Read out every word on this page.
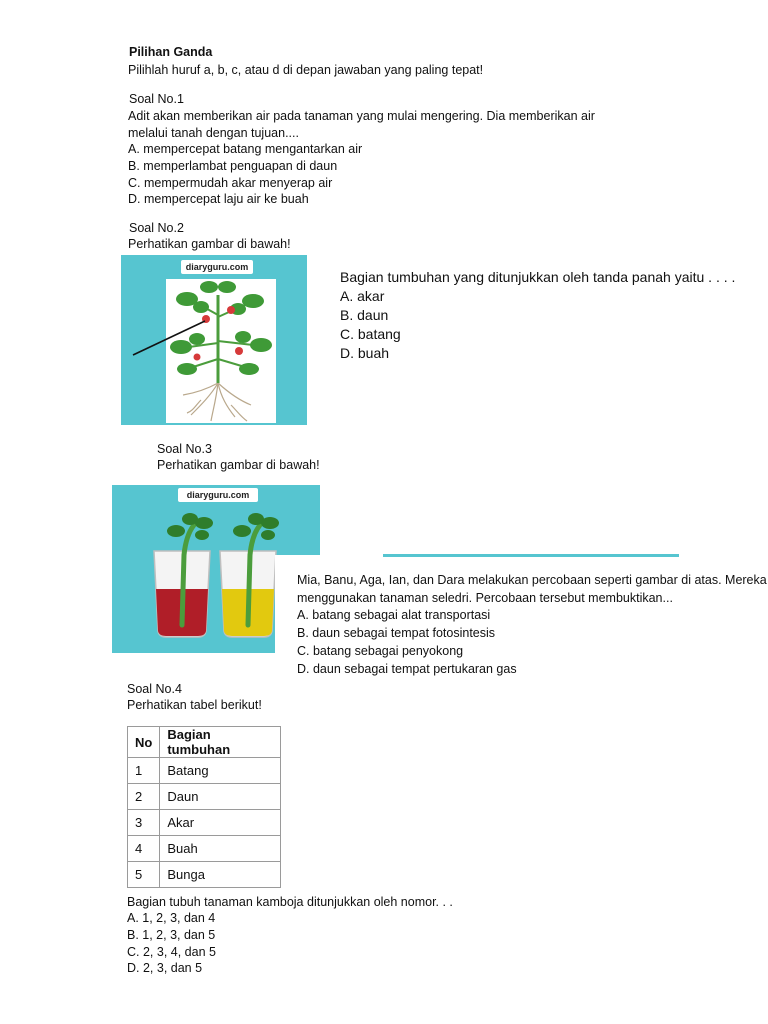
Pilihan Ganda
Pilihlah huruf a, b, c, atau d di depan jawaban yang paling tepat!
Soal No.1
Adit akan memberikan air pada tanaman yang mulai mengering. Dia memberikan air
melalui tanah dengan tujuan....
A. mempercepat batang mengantarkan air
B. memperlambat penguapan di daun
C. mempermudah akar menyerap air
D. mempercepat laju air ke buah
Soal No.2
Perhatikan gambar di bawah!
diaryguru.com
Bagian tumbuhan yang ditunjukkan oleh tanda panah yaitu . . . .
A. akar
B. daun
C. batang
D. buah
Soal No.3
Perhatikan gambar di bawah!
diaryguru.com
Mia, Banu, Aga, Ian, dan Dara melakukan percobaan seperti gambar di atas. Mereka
menggunakan tanaman seledri. Percobaan tersebut membuktikan...
A. batang sebagai alat transportasi
B. daun sebagai tempat fotosintesis
C. batang sebagai penyokong
D. daun sebagai tempat pertukaran gas
Soal No.4
Perhatikan tabel berikut!
No	Bagian tumbuhan
1	Batang
2	Daun
3	Akar
4	Buah
5	Bunga
Bagian tubuh tanaman kamboja ditunjukkan oleh nomor. . .
A. 1, 2, 3, dan 4
B. 1, 2, 3, dan 5
C. 2, 3, 4, dan 5
D. 2, 3, dan 5
